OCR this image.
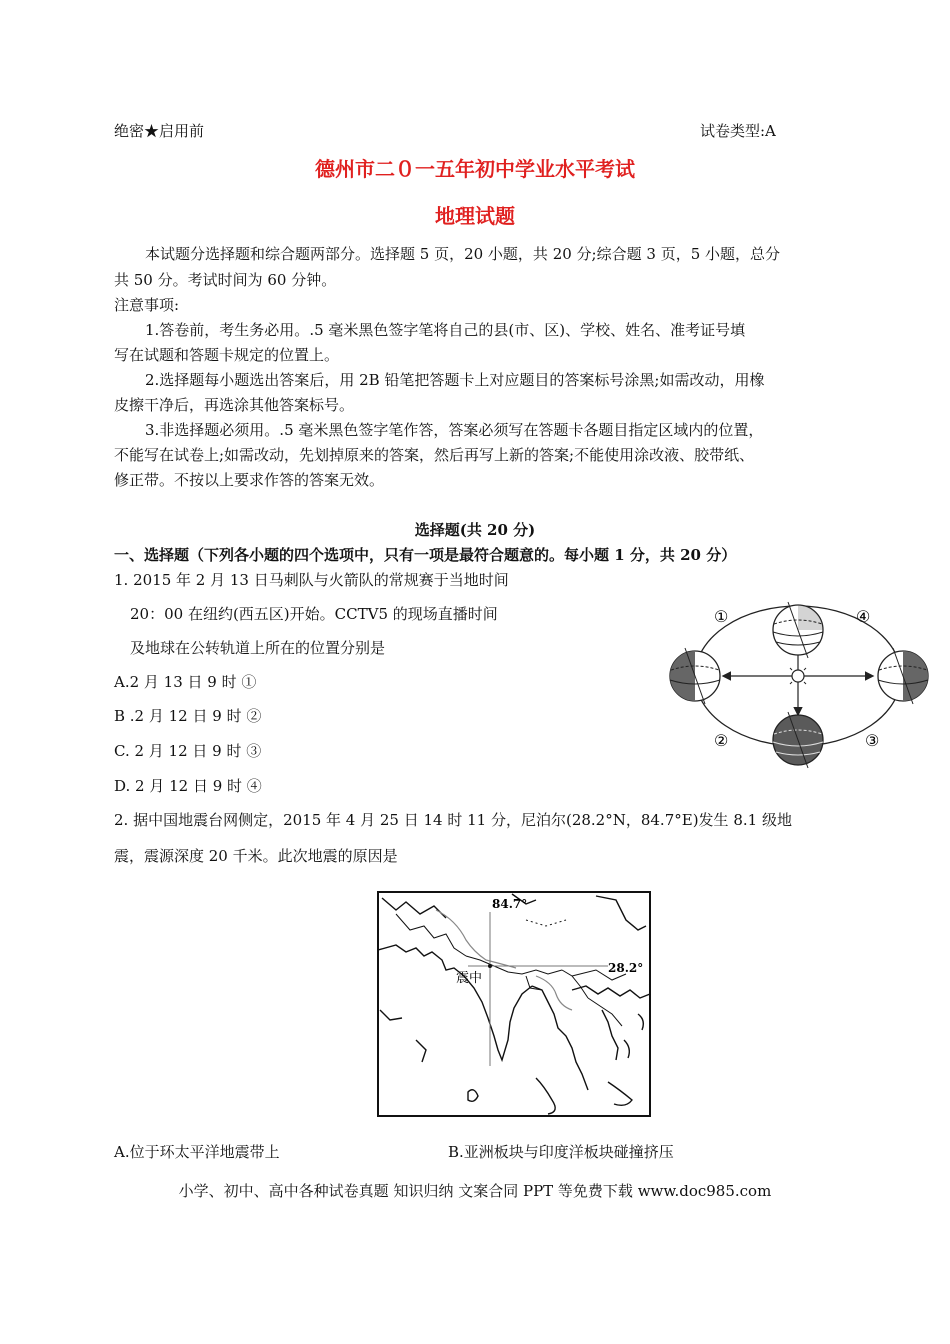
绝密★启用前	试卷类型:A
德州市二０一五年初中学业水平考试
地理试题
本试题分选择题和综合题两部分。选择题 5 页，20 小题，共 20 分;综合题 3 页，5 小题，总分
共 50 分。考试时间为 60 分钟。
注意事项:
1.答卷前，考生务必用。.5 毫米黑色签字笔将自己的县(市、区)、学校、姓名、准考证号填
写在试题和答题卡规定的位置上。
2.选择题每小题选出答案后，用 2B 铅笔把答题卡上对应题目的答案标号涂黑;如需改动，用橡
皮擦干净后，再选涂其他答案标号。
3.非选择题必须用。.5 毫米黑色签字笔作答，答案必须写在答题卡各题目指定区域内的位置，
不能写在试卷上;如需改动，先划掉原来的答案，然后再写上新的答案;不能使用涂改液、胶带纸、
修正带。不按以上要求作答的答案无效。
选择题(共 20 分)
一、选择题（下列各小题的四个选项中，只有一项是最符合题意的。每小题 1 分，共 20 分）
1. 2015 年 2 月 13 日马刺队与火箭队的常规赛于当地时间
20：00 在纽约(西五区)开始。CCTV5 的现场直播时间
及地球在公转轨道上所在的位置分别是
A.2 月 13 日 9 时 ①
B .2 月 12 日 9 时 ②
C. 2 月 12 日 9 时 ③
D. 2 月 12 日 9 时 ④
①
②	③
④
2. 据中国地震台网侧定，2015 年 4 月 25 日 14 时 11 分，尼泊尔(28.2°N，84.7°E)发生 8.1 级地
震，震源深度 20 千米。此次地震的原因是
84.7°
28.2°
震中
A.位于环太平洋地震带上	B.亚洲板块与印度洋板块碰撞挤压
小学、初中、高中各种试卷真题 知识归纳 文案合同 PPT 等免费下载 www.doc985.com
